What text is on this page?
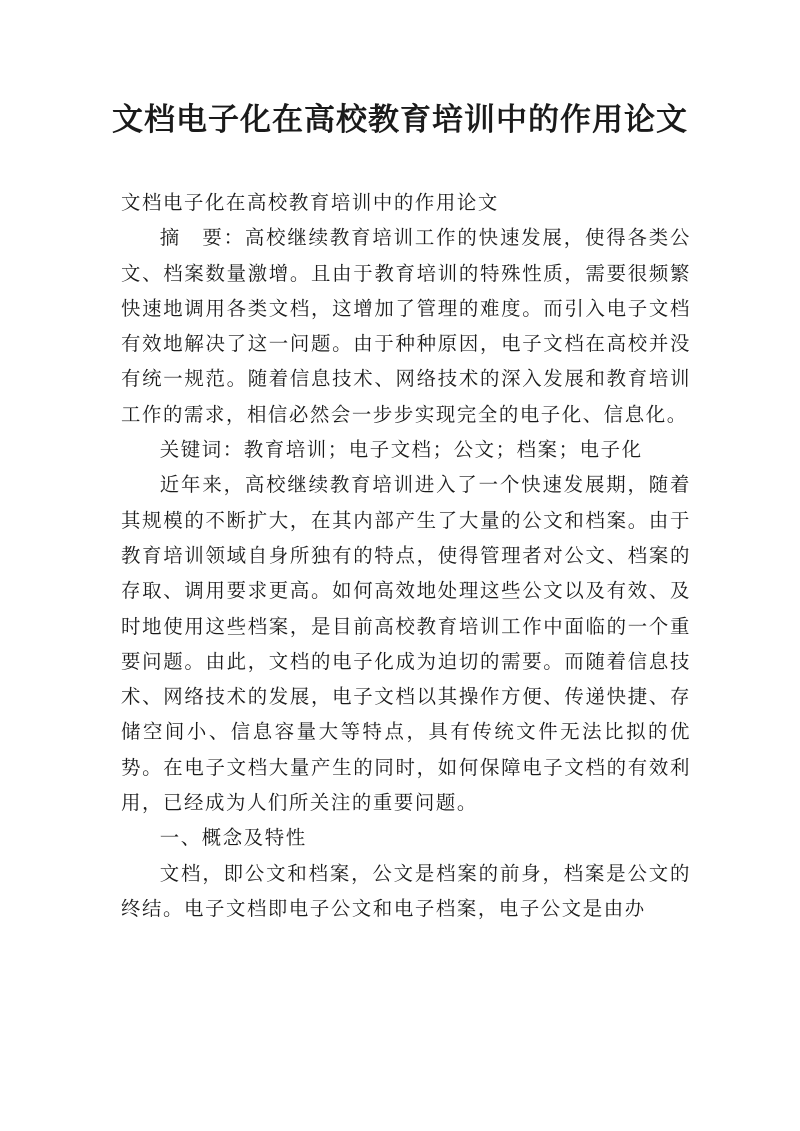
文档电子化在高校教育培训中的作用论文

文档电子化在高校教育培训中的作用论文

摘　要：高校继续教育培训工作的快速发展，使得各类公文、档案数量激增。且由于教育培训的特殊性质，需要很频繁快速地调用各类文档，这增加了管理的难度。而引入电子文档有效地解决了这一问题。由于种种原因，电子文档在高校并没有统一规范。随着信息技术、网络技术的深入发展和教育培训工作的需求，相信必然会一步步实现完全的电子化、信息化。

关键词：教育培训；电子文档；公文；档案；电子化

近年来，高校继续教育培训进入了一个快速发展期，随着其规模的不断扩大，在其内部产生了大量的公文和档案。由于教育培训领域自身所独有的特点，使得管理者对公文、档案的存取、调用要求更高。如何高效地处理这些公文以及有效、及时地使用这些档案，是目前高校教育培训工作中面临的一个重要问题。由此，文档的电子化成为迫切的需要。而随着信息技术、网络技术的发展，电子文档以其操作方便、传递快捷、存储空间小、信息容量大等特点，具有传统文件无法比拟的优势。在电子文档大量产生的同时，如何保障电子文档的有效利用，已经成为人们所关注的重要问题。

一、概念及特性

文档，即公文和档案，公文是档案的前身，档案是公文的终结。电子文档即电子公文和电子档案，电子公文是由办
